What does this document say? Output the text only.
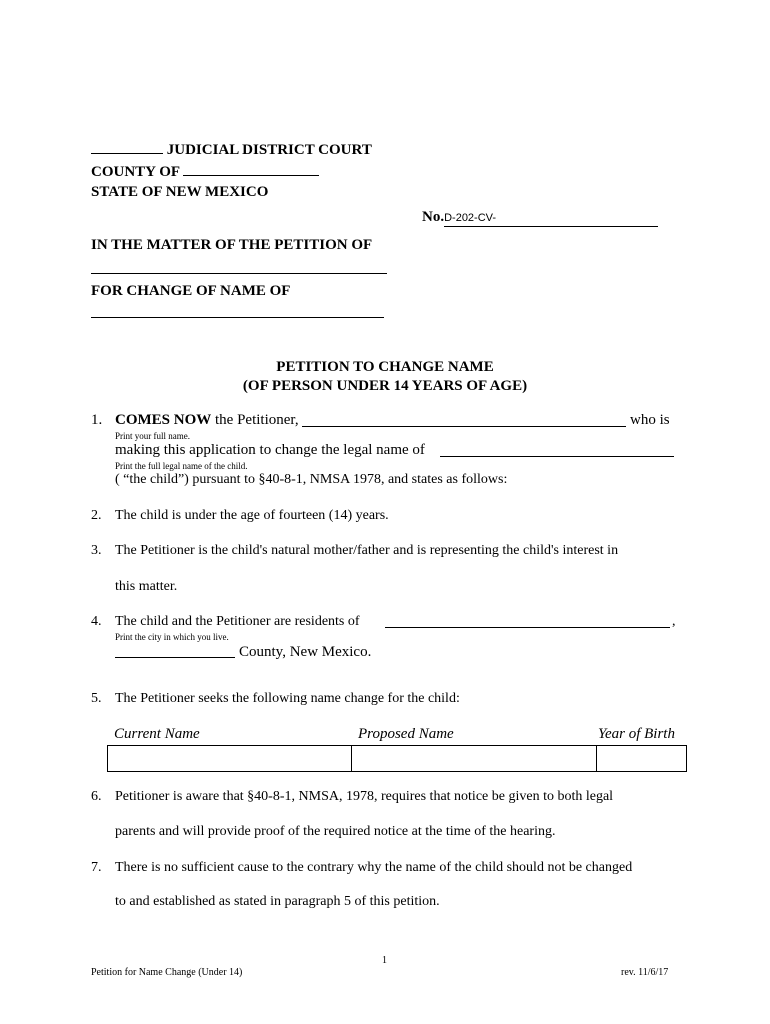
JUDICIAL DISTRICT COURT
COUNTY OF
STATE OF NEW MEXICO
No.D-202-CV-
IN THE MATTER OF THE PETITION OF
FOR CHANGE OF NAME OF
PETITION TO CHANGE NAME
(OF PERSON UNDER 14 YEARS OF AGE)
1. COMES NOW the Petitioner,	who is
Print your full name.
making this application to change the legal name of
Print the full legal name of the child.
( “the child”) pursuant to §40-8-1, NMSA 1978, and states as follows:
2. The child is under the age of fourteen (14) years.
3. The Petitioner is the child's natural mother/father and is representing the child's interest in
this matter.
4. The child and the Petitioner are residents of	,
Print the city in which you live.
County, New Mexico.
5. The Petitioner seeks the following name change for the child:
Current Name	Proposed Name	Year of Birth

6. Petitioner is aware that §40-8-1, NMSA, 1978, requires that notice be given to both legal
parents and will provide proof of the required notice at the time of the hearing.
7. There is no sufficient cause to the contrary why the name of the child should not be changed
to and established as stated in paragraph 5 of this petition.
1
Petition for Name Change (Under 14)	rev. 11/6/17
